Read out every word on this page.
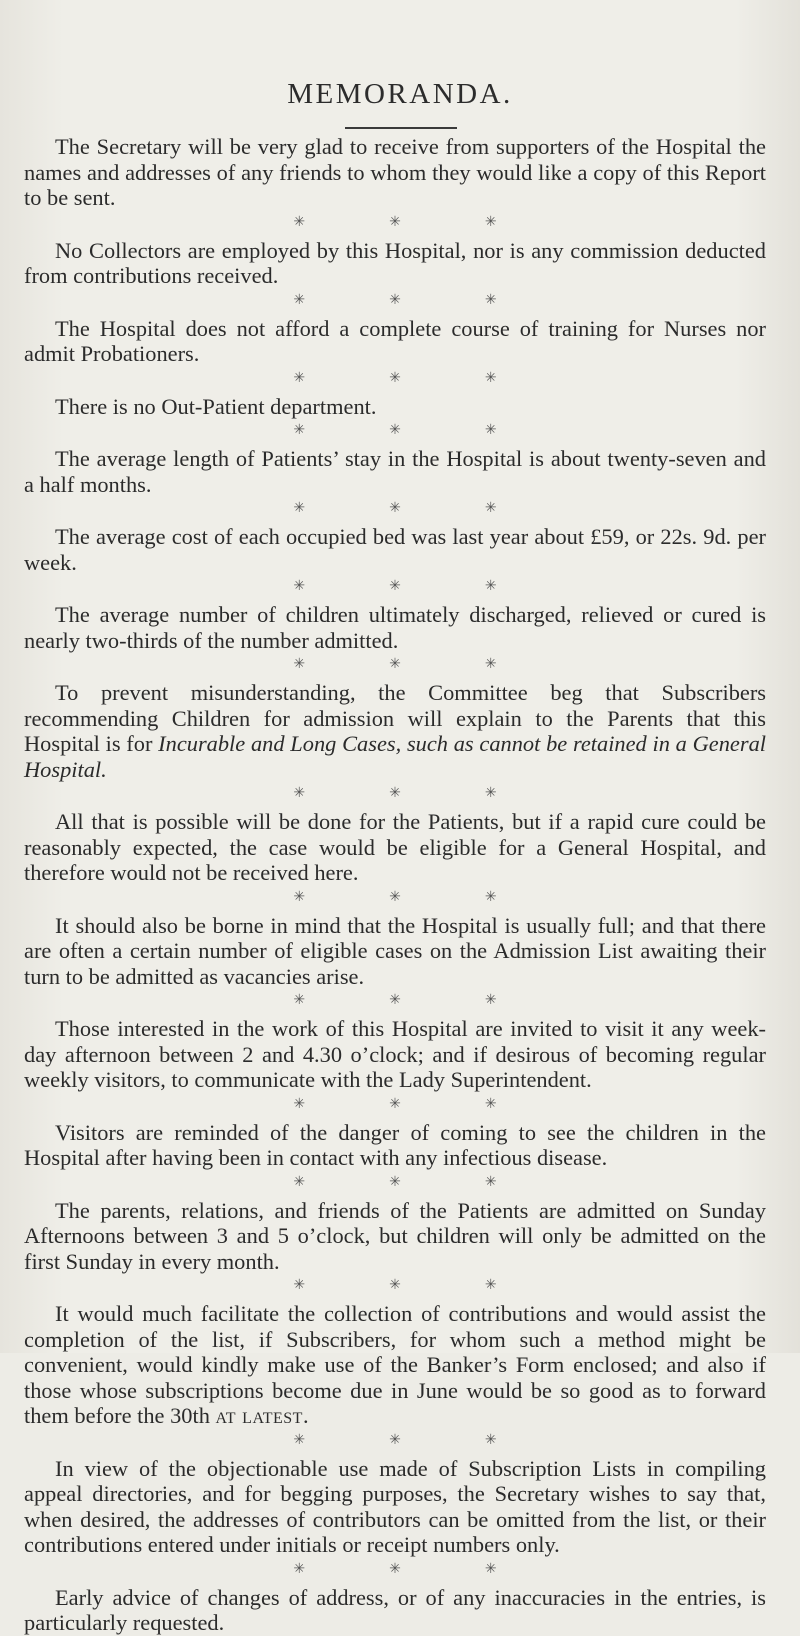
MEMORANDA.

The Secretary will be very glad to receive from supporters of the Hospital the names and addresses of any friends to whom they would like a copy of this Report to be sent.

✳	✳	✳

No Collectors are employed by this Hospital, nor is any commission deducted from contributions received.

✳	✳	✳

The Hospital does not afford a complete course of training for Nurses nor admit Probationers.

✳	✳	✳

There is no Out-Patient department.

✳	✳	✳

The average length of Patients’ stay in the Hospital is about twenty-seven and a half months.

✳	✳	✳

The average cost of each occupied bed was last year about £59, or 22s. 9d. per week.

✳	✳	✳

The average number of children ultimately discharged, relieved or cured is nearly two-thirds of the number admitted.

✳	✳	✳

To prevent misunderstanding, the Committee beg that Subscribers recommending Children for admission will explain to the Parents that this Hospital is for Incurable and Long Cases, such as cannot be retained in a General Hospital.

✳	✳	✳

All that is possible will be done for the Patients, but if a rapid cure could be reasonably expected, the case would be eligible for a General Hospital, and therefore would not be received here.

✳	✳	✳

It should also be borne in mind that the Hospital is usually full; and that there are often a certain number of eligible cases on the Admission List awaiting their turn to be admitted as vacancies arise.

✳	✳	✳

Those interested in the work of this Hospital are invited to visit it any week-day afternoon between 2 and 4.30 o’clock; and if desirous of becoming regular weekly visitors, to communicate with the Lady Superintendent.

✳	✳	✳

Visitors are reminded of the danger of coming to see the children in the Hospital after having been in contact with any infectious disease.

✳	✳	✳

The parents, relations, and friends of the Patients are admitted on Sunday Afternoons between 3 and 5 o’clock, but children will only be admitted on the first Sunday in every month.

✳	✳	✳

It would much facilitate the collection of contributions and would assist the completion of the list, if Subscribers, for whom such a method might be convenient, would kindly make use of the Banker’s Form enclosed; and also if those whose subscriptions become due in June would be so good as to forward them before the 30th at latest.

✳	✳	✳

In view of the objectionable use made of Subscription Lists in compiling appeal directories, and for begging purposes, the Secretary wishes to say that, when desired, the addresses of contributors can be omitted from the list, or their contributions entered under initials or receipt numbers only.

✳	✳	✳

Early advice of changes of address, or of any inaccuracies in the entries, is particularly requested.
